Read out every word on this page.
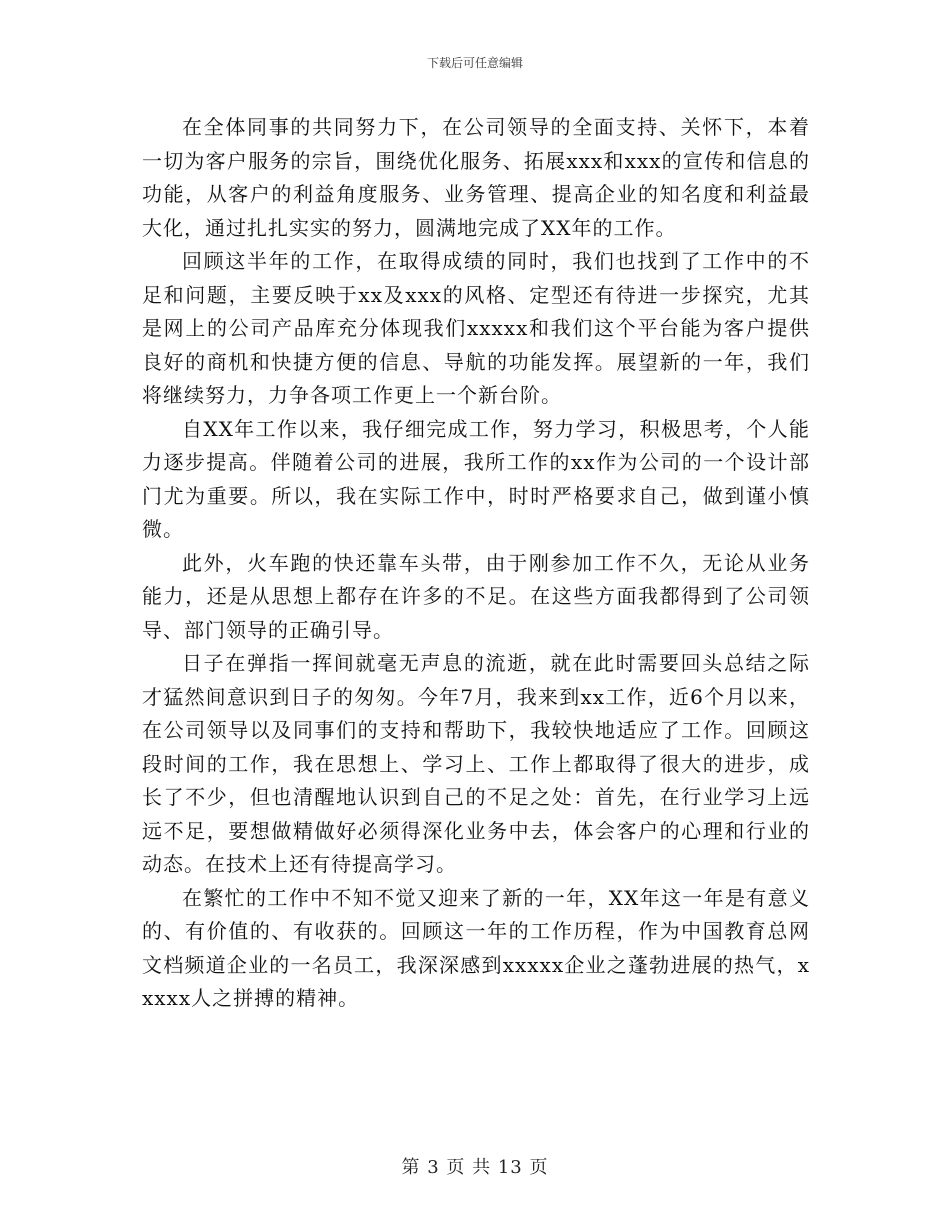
下载后可任意编辑

在全体同事的共同努力下，在公司领导的全面支持、关怀下，本着一切为客户服务的宗旨，围绕优化服务、拓展xxx和xxx的宣传和信息的功能，从客户的利益角度服务、业务管理、提高企业的知名度和利益最大化，通过扎扎实实的努力，圆满地完成了XX年的工作。

回顾这半年的工作，在取得成绩的同时，我们也找到了工作中的不足和问题，主要反映于xx及xxx的风格、定型还有待进一步探究，尤其是网上的公司产品库充分体现我们xxxxx和我们这个平台能为客户提供良好的商机和快捷方便的信息、导航的功能发挥。展望新的一年，我们将继续努力，力争各项工作更上一个新台阶。

自XX年工作以来，我仔细完成工作，努力学习，积极思考，个人能力逐步提高。伴随着公司的进展，我所工作的xx作为公司的一个设计部门尤为重要。所以，我在实际工作中，时时严格要求自己，做到谨小慎微。

此外，火车跑的快还靠车头带，由于刚参加工作不久，无论从业务能力，还是从思想上都存在许多的不足。在这些方面我都得到了公司领导、部门领导的正确引导。

日子在弹指一挥间就毫无声息的流逝，就在此时需要回头总结之际才猛然间意识到日子的匆匆。今年7月，我来到xx工作，近6个月以来，在公司领导以及同事们的支持和帮助下，我较快地适应了工作。回顾这段时间的工作，我在思想上、学习上、工作上都取得了很大的进步，成长了不少，但也清醒地认识到自己的不足之处：首先，在行业学习上远远不足，要想做精做好必须得深化业务中去，体会客户的心理和行业的动态。在技术上还有待提高学习。

在繁忙的工作中不知不觉又迎来了新的一年，XX年这一年是有意义的、有价值的、有收获的。回顾这一年的工作历程，作为中国教育总网文档频道企业的一名员工，我深深感到xxxxx企业之蓬勃进展的热气，xxxxx人之拼搏的精神。

第 3 页 共 13 页
